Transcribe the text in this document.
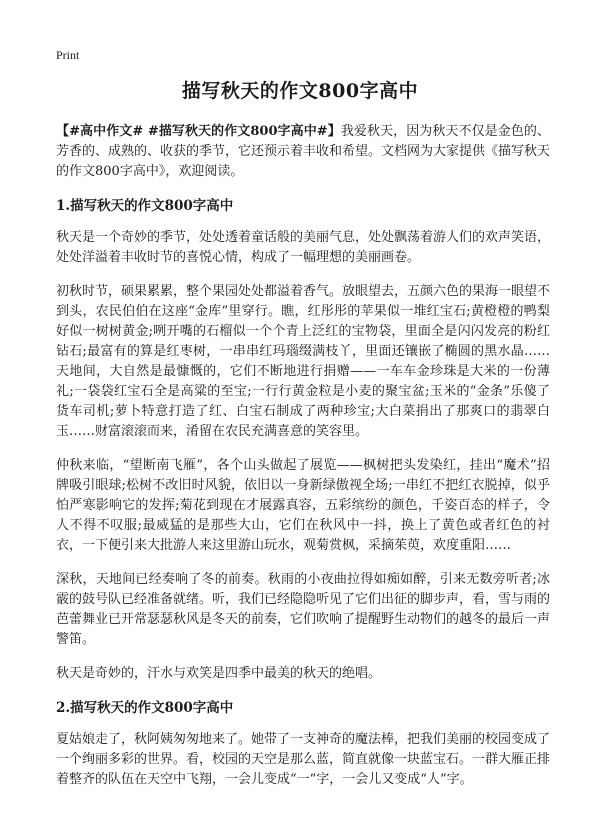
Print
描写秋天的作文800字高中

【#高中作文# #描写秋天的作文800字高中#】我爱秋天，因为秋天不仅是金色的、芳香的、成熟的、收获的季节，它还预示着丰收和希望。文档网为大家提供《描写秋天的作文800字高中》，欢迎阅读。

1.描写秋天的作文800字高中

秋天是一个奇妙的季节，处处透着童话般的美丽气息，处处飘荡着游人们的欢声笑语，处处洋溢着丰收时节的喜悦心情，构成了一幅理想的美丽画卷。

初秋时节，硕果累累，整个果园处处都溢着香气。放眼望去，五颜六色的果海一眼望不到头，农民伯伯在这座“金库”里穿行。瞧，红彤彤的苹果似一堆红宝石;黄橙橙的鸭梨好似一树树黄金;咧开嘴的石榴似一个个青上泛红的宝物袋，里面全是闪闪发亮的粉红钻石;最富有的算是红枣树，一串串红玛瑙缀满枝丫，里面还镶嵌了椭圆的黑水晶……天地间，大自然是最慷慨的，它们不断地进行捐赠——一车车金珍珠是大米的一份薄礼;一袋袋红宝石全是高粱的至宝;一行行黄金粒是小麦的聚宝盆;玉米的“金条”乐傻了货车司机;萝卜特意打造了红、白宝石制成了两种珍宝;大白菜捐出了那爽口的翡翠白玉……财富滚滚而来，淆留在农民充满喜意的笑容里。

仲秋来临，“望断南飞雁”，各个山头做起了展览——枫树把头发染红，挂出“魔术”招牌吸引眼球;松树不改旧时风貌，依旧以一身新绿傲视全场;一串红不把红衣脱掉，似乎怕严寒影响它的发挥;菊花到现在才展露真容，五彩缤纷的颜色，千姿百态的样子，令人不得不叹服;最威猛的是那些大山，它们在秋风中一抖，换上了黄色或者红色的衬衣，一下便引来大批游人来这里游山玩水，观菊赏枫，采摘茱萸，欢度重阳……

深秋，天地间已经奏响了冬的前奏。秋雨的小夜曲拉得如痴如醉，引来无数旁听者;冰霰的鼓号队已经准备就绪。听，我们已经隐隐听见了它们出征的脚步声，看，雪与雨的芭蕾舞业已开常瑟瑟秋风是冬天的前奏，它们吹响了提醒野生动物们的越冬的最后一声警笛。

秋天是奇妙的，汗水与欢笑是四季中最美的秋天的绝唱。

2.描写秋天的作文800字高中

夏姑娘走了，秋阿姨匆匆地来了。她带了一支神奇的魔法棒，把我们美丽的校园变成了一个绚丽多彩的世界。看，校园的天空是那么蓝，简直就像一块蓝宝石。一群大雁正排着整齐的队伍在天空中飞翔，一会儿变成“一”字，一会儿又变成“人”字。
